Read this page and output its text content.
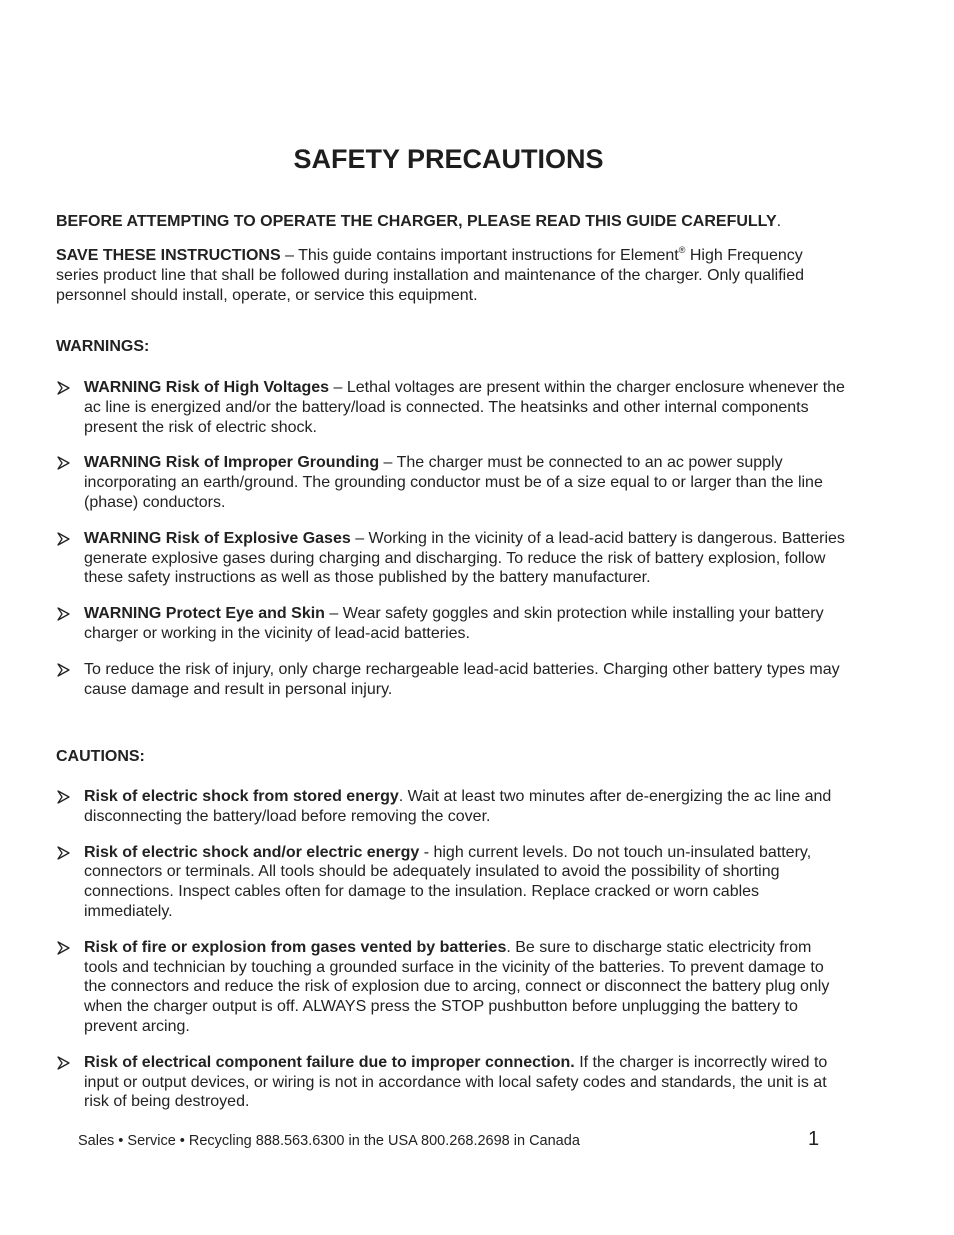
SAFETY PRECAUTIONS
BEFORE ATTEMPTING TO OPERATE THE CHARGER, PLEASE READ THIS GUIDE CAREFULLY.
SAVE THESE INSTRUCTIONS – This guide contains important instructions for Element® High Frequency series product line that shall be followed during installation and maintenance of the charger. Only qualified personnel should install, operate, or service this equipment.
WARNINGS:
WARNING Risk of High Voltages – Lethal voltages are present within the charger enclosure whenever the ac line is energized and/or the battery/load is connected. The heatsinks and other internal components present the risk of electric shock.
WARNING Risk of Improper Grounding – The charger must be connected to an ac power supply incorporating an earth/ground. The grounding conductor must be of a size equal to or larger than the line (phase) conductors.
WARNING Risk of Explosive Gases – Working in the vicinity of a lead-acid battery is dangerous. Batteries generate explosive gases during charging and discharging. To reduce the risk of battery explosion, follow these safety instructions as well as those published by the battery manufacturer.
WARNING Protect Eye and Skin – Wear safety goggles and skin protection while installing your battery charger or working in the vicinity of lead-acid batteries.
To reduce the risk of injury, only charge rechargeable lead-acid batteries. Charging other battery types may cause damage and result in personal injury.
CAUTIONS:
Risk of electric shock from stored energy. Wait at least two minutes after de-energizing the ac line and disconnecting the battery/load before removing the cover.
Risk of electric shock and/or electric energy - high current levels. Do not touch un-insulated battery, connectors or terminals. All tools should be adequately insulated to avoid the possibility of shorting connections. Inspect cables often for damage to the insulation. Replace cracked or worn cables immediately.
Risk of fire or explosion from gases vented by batteries. Be sure to discharge static electricity from tools and technician by touching a grounded surface in the vicinity of the batteries. To prevent damage to the connectors and reduce the risk of explosion due to arcing, connect or disconnect the battery plug only when the charger output is off. ALWAYS press the STOP pushbutton before unplugging the battery to prevent arcing.
Risk of electrical component failure due to improper connection. If the charger is incorrectly wired to input or output devices, or wiring is not in accordance with local safety codes and standards, the unit is at risk of being destroyed.
Sales • Service • Recycling 888.563.6300 in the USA 800.268.2698 in Canada	1
